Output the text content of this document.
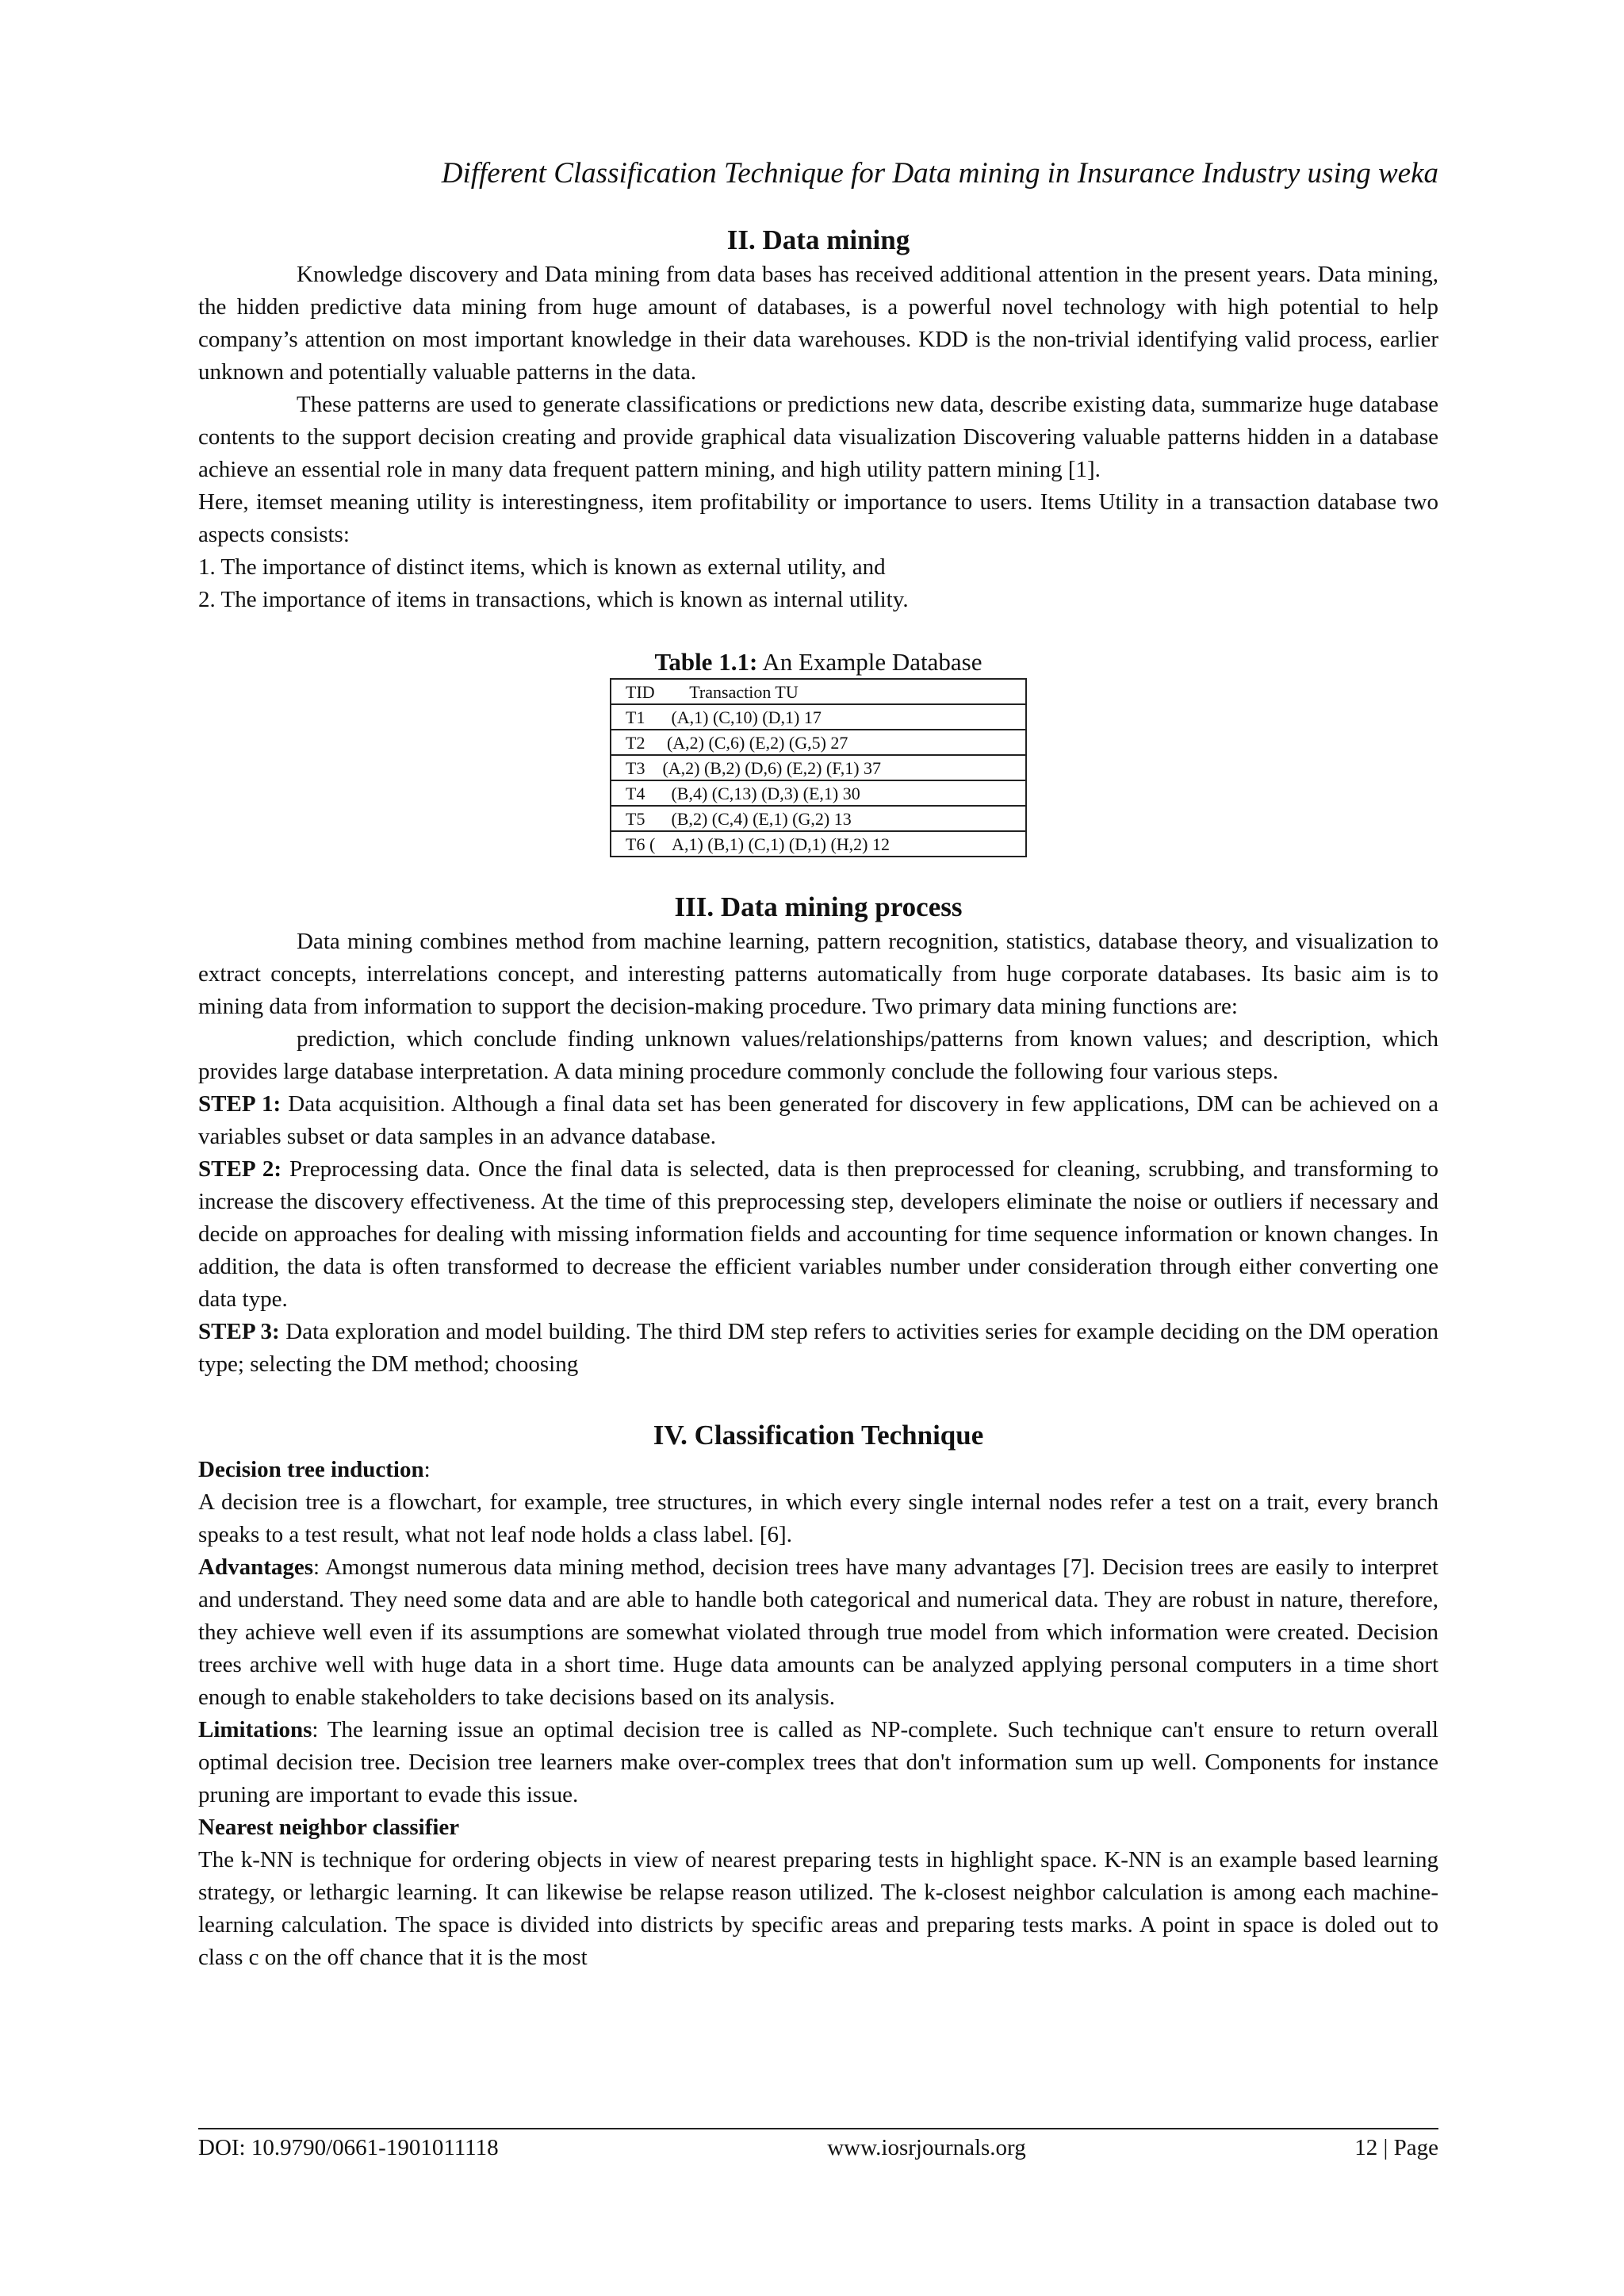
Different Classification Technique for Data mining in Insurance Industry using weka
II. Data mining

Knowledge discovery and Data mining from data bases has received additional attention in the present years. Data mining, the hidden predictive data mining from huge amount of databases, is a powerful novel technology with high potential to help company’s attention on most important knowledge in their data warehouses. KDD is the non-trivial identifying valid process, earlier unknown and potentially valuable patterns in the data.

These patterns are used to generate classifications or predictions new data, describe existing data, summarize huge database contents to the support decision creating and provide graphical data visualization Discovering valuable patterns hidden in a database achieve an essential role in many data frequent pattern mining, and high utility pattern mining [1].

Here, itemset meaning utility is interestingness, item profitability or importance to users. Items Utility in a transaction database two aspects consists:

1. The importance of distinct items, which is known as external utility, and

2. The importance of items in transactions, which is known as internal utility.

Table 1.1: An Example Database
TID        Transaction TU
T1      (A,1) (C,10) (D,1) 17
T2     (A,2) (C,6) (E,2) (G,5) 27
T3    (A,2) (B,2) (D,6) (E,2) (F,1) 37
T4      (B,4) (C,13) (D,3) (E,1) 30
T5      (B,2) (C,4) (E,1) (G,2) 13
T6 (    A,1) (B,1) (C,1) (D,1) (H,2) 12
III. Data mining process

Data mining combines method from machine learning, pattern recognition, statistics, database theory, and visualization to extract concepts, interrelations concept, and interesting patterns automatically from huge corporate databases. Its basic aim is to mining data from information to support the decision-making procedure. Two primary data mining functions are:

prediction, which conclude finding unknown values/relationships/patterns from known values; and description, which provides large database interpretation. A data mining procedure commonly conclude the following four various steps.

STEP 1: Data acquisition. Although a final data set has been generated for discovery in few applications, DM can be achieved on a variables subset or data samples in an advance database.

STEP 2: Preprocessing data. Once the final data is selected, data is then preprocessed for cleaning, scrubbing, and transforming to increase the discovery effectiveness. At the time of this preprocessing step, developers eliminate the noise or outliers if necessary and decide on approaches for dealing with missing information fields and accounting for time sequence information or known changes. In addition, the data is often transformed to decrease the efficient variables number under consideration through either converting one data type.

STEP 3: Data exploration and model building. The third DM step refers to activities series for example deciding on the DM operation type; selecting the DM method; choosing

IV. Classification Technique

Decision tree induction:

A decision tree is a flowchart, for example, tree structures, in which every single internal nodes refer a test on a trait, every branch speaks to a test result, what not leaf node holds a class label. [6].

Advantages: Amongst numerous data mining method, decision trees have many advantages [7]. Decision trees are easily to interpret and understand. They need some data and are able to handle both categorical and numerical data. They are robust in nature, therefore, they achieve well even if its assumptions are somewhat violated through true model from which information were created. Decision trees archive well with huge data in a short time. Huge data amounts can be analyzed applying personal computers in a time short enough to enable stakeholders to take decisions based on its analysis.

Limitations: The learning issue an optimal decision tree is called as NP-complete. Such technique can't ensure to return overall optimal decision tree. Decision tree learners make over-complex trees that don't information sum up well. Components for instance pruning are important to evade this issue.

Nearest neighbor classifier

The k-NN is technique for ordering objects in view of nearest preparing tests in highlight space. K-NN is an example based learning strategy, or lethargic learning. It can likewise be relapse reason utilized. The k-closest neighbor calculation is among each machine-learning calculation. The space is divided into districts by specific areas and preparing tests marks. A point in space is doled out to class c on the off chance that it is the most

DOI: 10.9790/0661-1901011118	www.iosrjournals.org	12 | Page
